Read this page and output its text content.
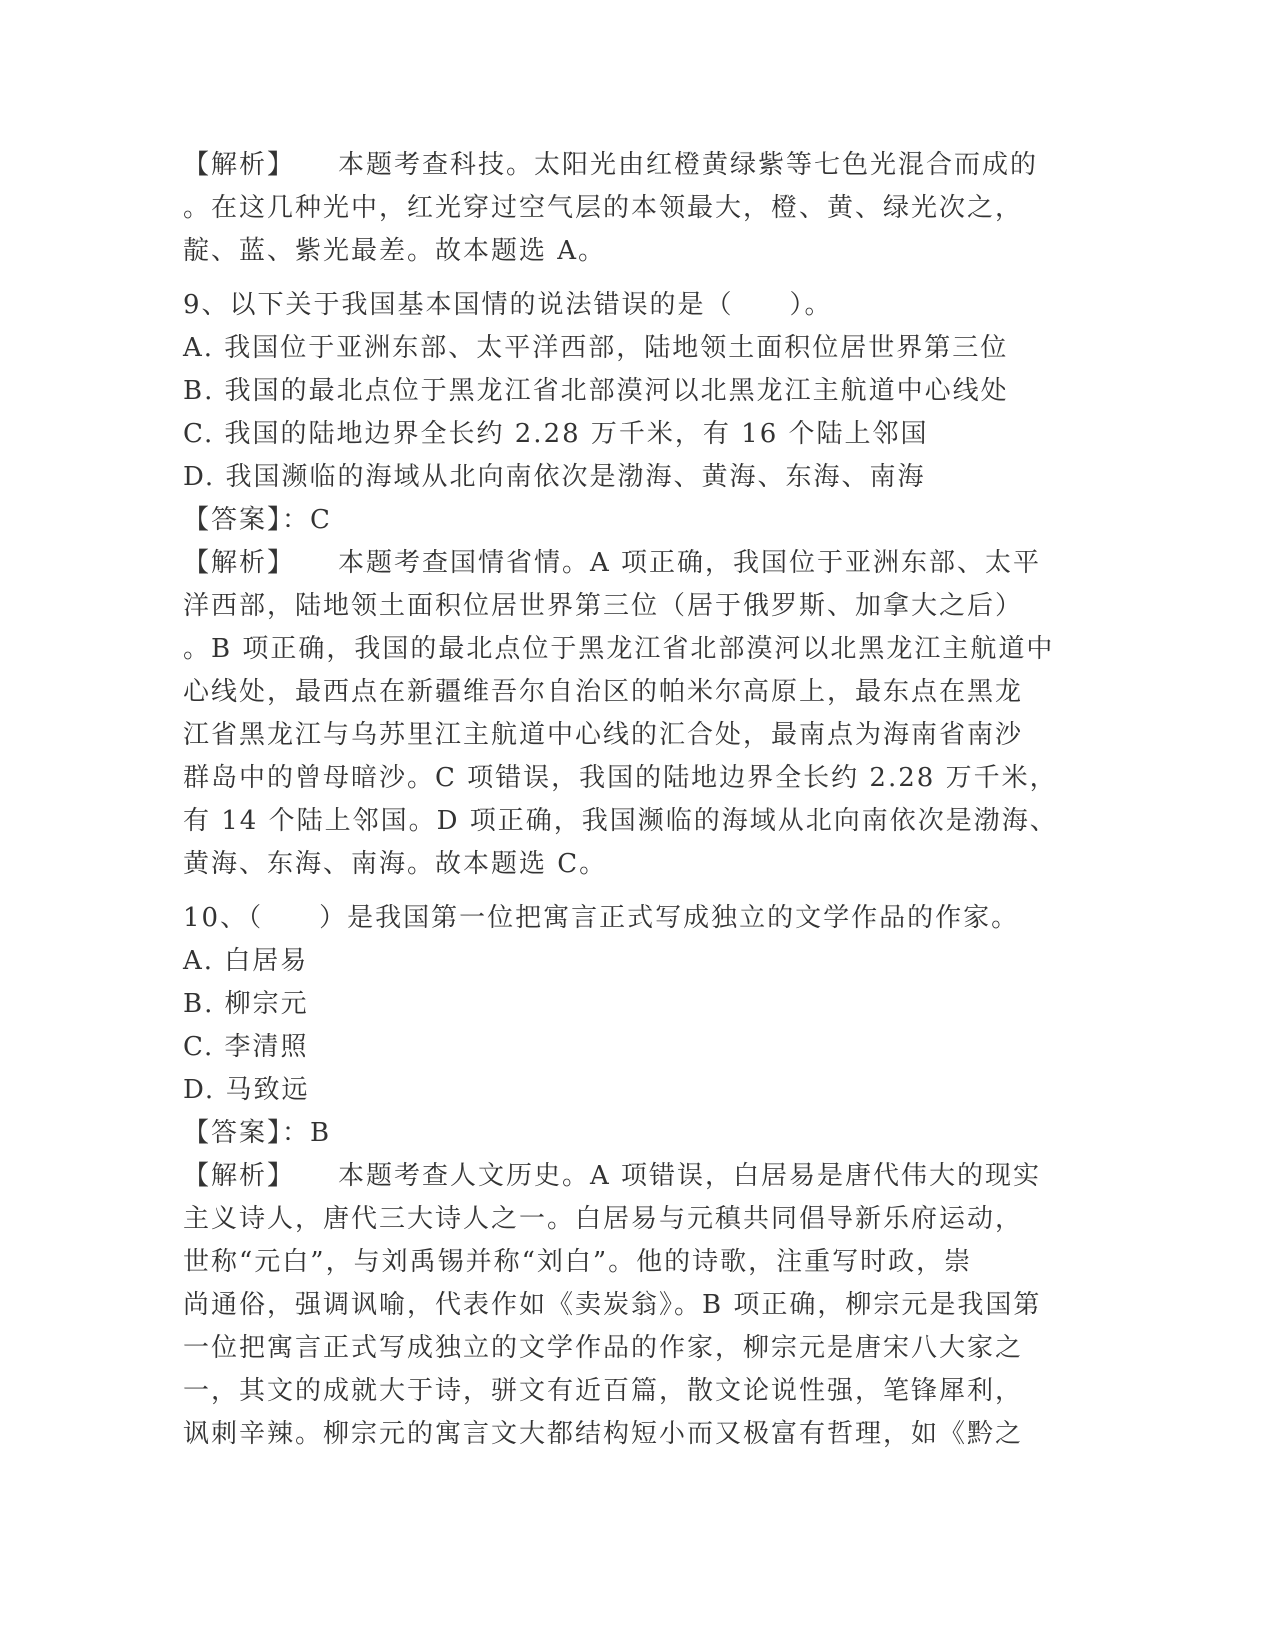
【解析】　　本题考查科技。太阳光由红橙黄绿紫等七色光混合而成的
。在这几种光中，红光穿过空气层的本领最大，橙、黄、绿光次之，
靛、蓝、紫光最差。故本题选 A。
9、以下关于我国基本国情的说法错误的是（　　）。
A. 我国位于亚洲东部、太平洋西部，陆地领土面积位居世界第三位
B. 我国的最北点位于黑龙江省北部漠河以北黑龙江主航道中心线处
C. 我国的陆地边界全长约 2.28 万千米，有 16 个陆上邻国
D. 我国濒临的海域从北向南依次是渤海、黄海、东海、南海
【答案】：C
【解析】　　本题考查国情省情。A 项正确，我国位于亚洲东部、太平
洋西部，陆地领土面积位居世界第三位（居于俄罗斯、加拿大之后）
。B 项正确，我国的最北点位于黑龙江省北部漠河以北黑龙江主航道中
心线处，最西点在新疆维吾尔自治区的帕米尔高原上，最东点在黑龙
江省黑龙江与乌苏里江主航道中心线的汇合处，最南点为海南省南沙
群岛中的曾母暗沙。C 项错误，我国的陆地边界全长约 2.28 万千米，
有 14 个陆上邻国。D 项正确，我国濒临的海域从北向南依次是渤海、
黄海、东海、南海。故本题选 C。
10、（　　）是我国第一位把寓言正式写成独立的文学作品的作家。
A. 白居易
B. 柳宗元
C. 李清照
D. 马致远
【答案】：B
【解析】　　本题考查人文历史。A 项错误，白居易是唐代伟大的现实
主义诗人，唐代三大诗人之一。白居易与元稹共同倡导新乐府运动，
世称“元白”，与刘禹锡并称“刘白”。他的诗歌，注重写时政，崇
尚通俗，强调讽喻，代表作如《卖炭翁》。B 项正确，柳宗元是我国第
一位把寓言正式写成独立的文学作品的作家，柳宗元是唐宋八大家之
一，其文的成就大于诗，骈文有近百篇，散文论说性强，笔锋犀利，
讽刺辛辣。柳宗元的寓言文大都结构短小而又极富有哲理，如《黔之
